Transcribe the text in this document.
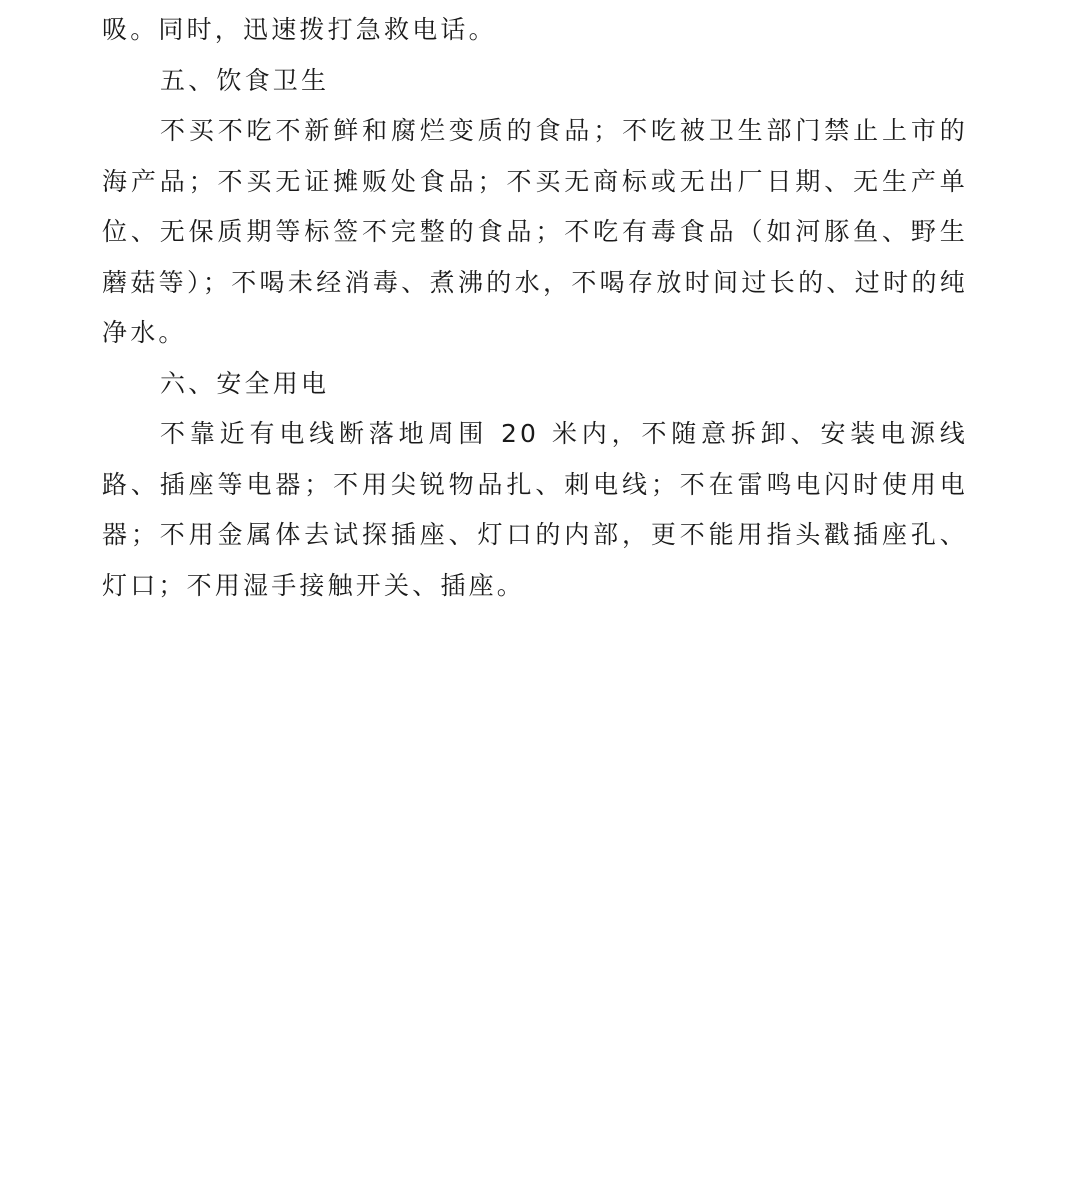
吸。同时，迅速拨打急救电话。

五、饮食卫生

不买不吃不新鲜和腐烂变质的食品；不吃被卫生部门禁止上市的海产品；不买无证摊贩处食品；不买无商标或无出厂日期、无生产单位、无保质期等标签不完整的食品；不吃有毒食品（如河豚鱼、野生蘑菇等）；不喝未经消毒、煮沸的水，不喝存放时间过长的、过时的纯净水。

六、安全用电

不靠近有电线断落地周围 20 米内，不随意拆卸、安装电源线路、插座等电器；不用尖锐物品扎、刺电线；不在雷鸣电闪时使用电器；不用金属体去试探插座、灯口的内部，更不能用指头戳插座孔、灯口；不用湿手接触开关、插座。
